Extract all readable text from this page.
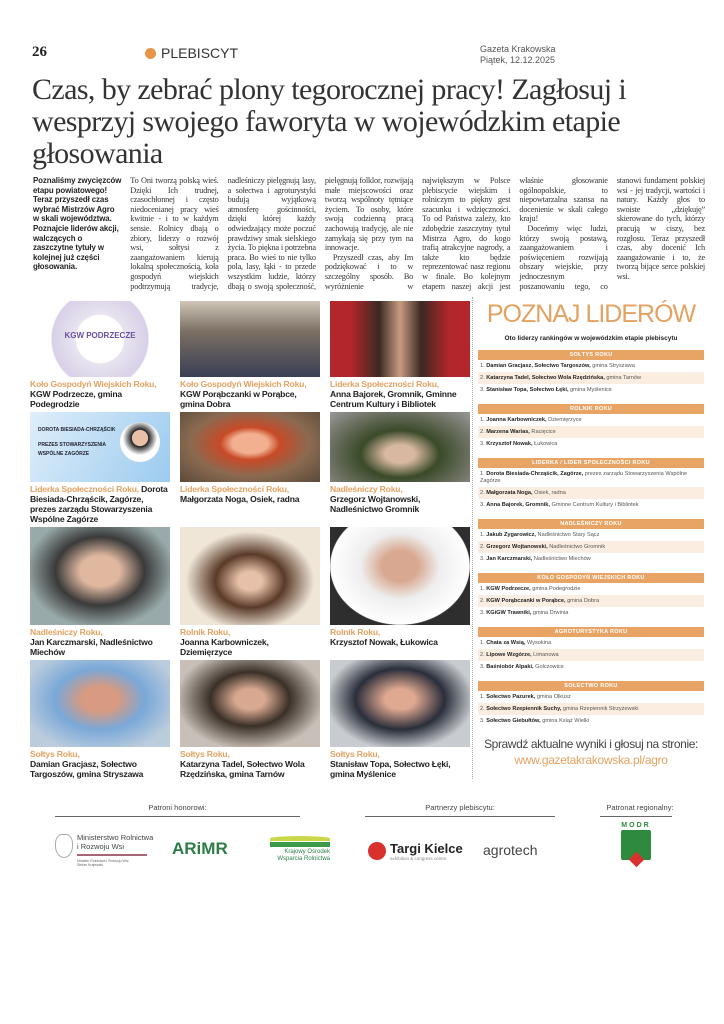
26	PLEBISCYT	Gazeta Krakowska
Piątek, 12.12.2025
Czas, by zebrać plony tegorocznej pracy! Zagłosuj i wesprzyj swojego faworyta w wojewódzkim etapie głosowania

Poznaliśmy zwycięzców etapu powiatowego! Teraz przyszedł czas wybrać Mistrzów Agro w skali województwa. Poznajcie liderów akcji, walczących o zaszczytne tytuły w kolejnej już części głosowania.

To Oni tworzą polską wieś. Dzięki Ich trudnej, czasochłonnej i często niedocenianej pracy wieś kwitnie - i to w każdym sensie. Rolnicy dbają o zbiory, liderzy o rozwój wsi, sołtysi z zaangażowaniem kierują lokalną społecznością, koła gospodyń wiejskich podtrzymują tradycje, nadleśniczy pielęgnują lasy, a sołectwa i agroturystyki budują wyjątkową atmosferę gościnności, dzięki której każdy odwiedzający może poczuć prawdziwy smak sielskiego życia. To piękna i potrzebna praca. Bo wieś to nie tylko pola, lasy, łąki - to przede wszystkim ludzie, którzy dbają o swoją społeczność, pielęgnują folklor, rozwijają małe miejscowości oraz tworzą wspólnoty tętniące życiem. To osoby, które swoją codzienną pracą zachowują tradycję, ale nie zamykają się przy tym na innowacje.

Przyszedł czas, aby Im podziękować i to w szczególny sposób. Bo wyróżnienie w największym w Polsce plebiscycie wiejskim i rolniczym to piękny gest szacunku i wdzięczności. To od Państwa zależy, kto zdobędzie zaszczytny tytuł Mistrza Agro, do kogo trafią atrakcyjne nagrody, a także kto będzie reprezentować nasz regionu w finale. Bo kolejnym etapem naszej akcji jest właśnie głosowanie ogólnopolskie, to niepowtarzalna szansa na docenienie w skali całego kraju!

Doceńmy więc ludzi, którzy swoją postawą, zaangażowaniem i poświęceniem rozwijają obszary wiejskie, przy jednoczesnym poszanowaniu tego, co stanowi fundament polskiej wsi - jej tradycji, wartości i natury. Każdy głos to swoiste „dziękuję” skierowane do tych, którzy pracują w ciszy, bez rozgłosu. Teraz przyszedł czas, aby docenić Ich zaangażowanie i to, że tworzą bijące serce polskiej wsi.

KGW PODRZECZE
Koło Gospodyń Wiejskich Roku,
KGW Podrzecze, gmina Podegrodzie
Koło Gospodyń Wiejskich Roku,
KGW Porąbczanki w Porąbce, gmina Dobra
Liderka Społeczności Roku,
Anna Bajorek, Gromnik, Gminne Centrum Kultury i Bibliotek
DOROTA BIESIADA-CHRZĄŚCIK
PREZES STOWARZYSZENIA WSPÓLNE ZAGÓRZE
Liderka Społeczności Roku, Dorota Biesiada-Chrząścik, Zagórze, prezes zarządu Stowarzyszenia Wspólne Zagórze
Liderka Społeczności Roku,
Małgorzata Noga, Osiek, radna
Nadleśniczy Roku,
Grzegorz Wojtanowski, Nadleśnictwo Gromnik
Nadleśniczy Roku,
Jan Karczmarski, Nadleśnictwo Miechów
Rolnik Roku,
Joanna Karbowniczek, Dziemięrzyce
Rolnik Roku,
Krzysztof Nowak, Łukowica
Sołtys Roku,
Damian Gracjasz, Sołectwo Targoszów, gmina Stryszawa
Sołtys Roku,
Katarzyna Tadel, Sołectwo Wola Rzędzińska, gmina Tarnów
Sołtys Roku,
Stanisław Topa, Sołectwo Łęki, gmina Myślenice
POZNAJ LIDERÓW
Oto liderzy rankingów w wojewódzkim etapie plebiscytu
SOŁTYS ROKU
1. Damian Gracjasz, Sołectwo Targoszów, gmina Stryszawa
2. Katarzyna Tadel, Sołectwo Wola Rzędzińska, gmina Tarnów
3. Stanisław Topa, Sołectwo Łęki, gmina Myślenice
ROLNIK ROKU
1. Joanna Karbowniczek, Dziemięrzyce
2. Marzena Warias, Racięcice
3. Krzysztof Nowak, Łukowica
LIDERKA / LIDER SPOŁECZNOŚCI ROKU
1. Dorota Biesiada-Chrząścik, Zagórze, prezes zarządu Stowarzyszenia Wspólne Zagórze
2. Małgorzata Noga, Osiek, radna
3. Anna Bajorek, Gromnik, Gminne Centrum Kultury i Bibliotek
NADLEŚNICZY ROKU
1. Jakub Zygarowicz, Nadleśnictwo Stary Sącz
2. Grzegorz Wojtanowski, Nadleśnictwo Gromnik
3. Jan Karczmarski, Nadleśnictwo Miechów
KOŁO GOSPODYŃ WIEJSKICH ROKU
1. KGW Podrzecze, gmina Podegrodzie
2. KGW Porąbczanki w Porąbce, gmina Dobra
3. KGiGW Trawniki, gmina Drwinia
AGROTURYSTYKA ROKU
1. Chata za Wsią, Wysokina
2. Lipowe Wzgórze, Limanowa
3. Baśniobór Alpaki, Golczowice
SOŁECTWO ROKU
1. Sołectwo Pazurek, gmina Olkusz
2. Sołectwo Rzepiennik Suchy, gmina Rzepiennik Strzyżewski
3. Sołectwo Giebułtów, gmina Książ Wielki
Sprawdź aktualne wyniki i głosuj na stronie:
www.gazetakrakowska.pl/agro
Patroni honorowi:	Partnerzy plebiscytu:	Patronat regionalny:
Ministerstwo Rolnictwa i Rozwoju Wsi
Minister Rolnictwa i Rozwoju Wsi Stefan Krajewski
ARiMR	Krajowy Ośrodek Wsparcia Rolnictwa
Targi Kielce
exhibition & congress centre
agrotech
MODR
